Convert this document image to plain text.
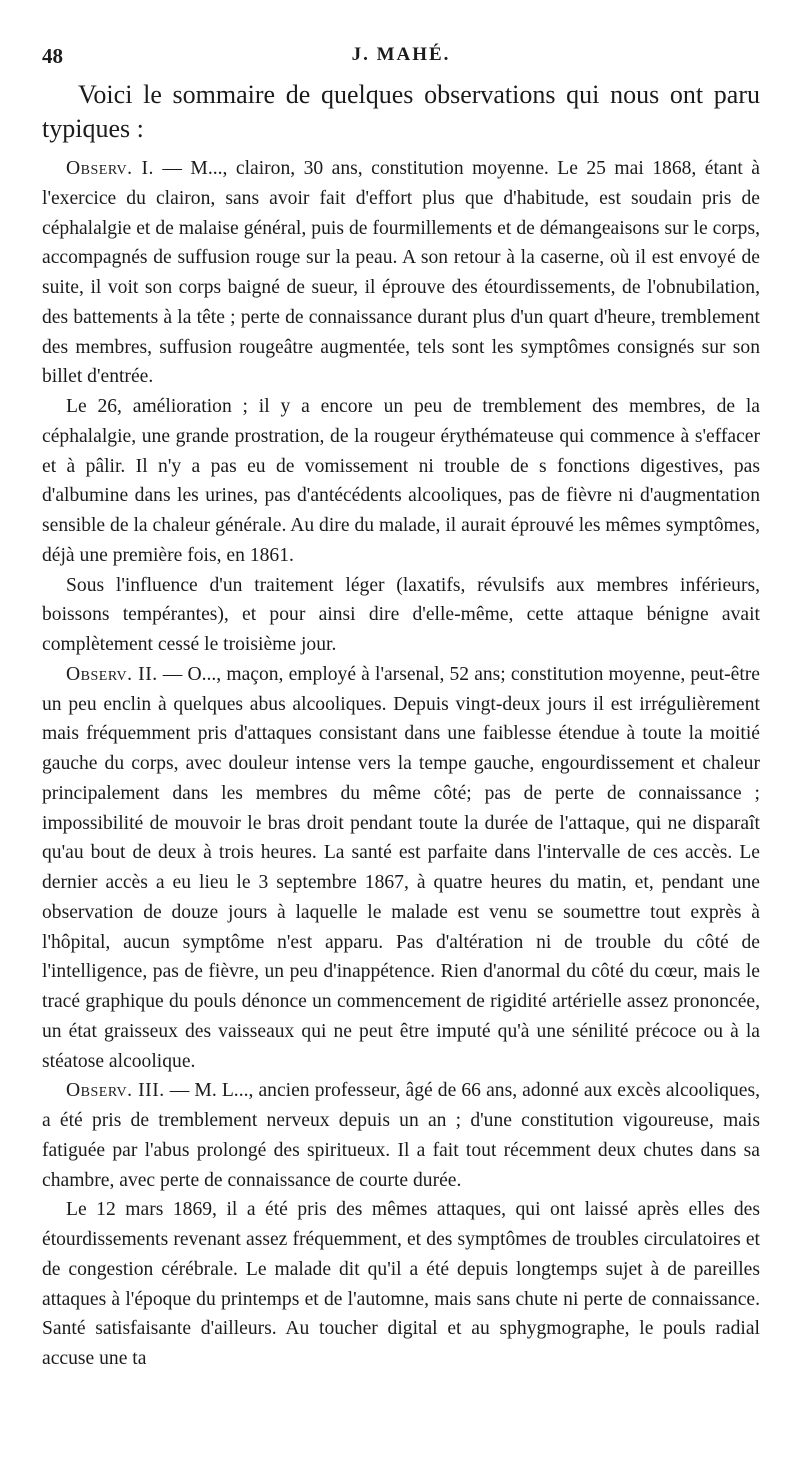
48	J. MAHÉ.

Voici le sommaire de quelques observations qui nous ont paru typiques :

Observ. I. — M..., clairon, 30 ans, constitution moyenne. Le 25 mai 1868, étant à l'exercice du clairon, sans avoir fait d'effort plus que d'habitude, est soudain pris de céphalalgie et de malaise général, puis de fourmillements et de démangeaisons sur le corps, accompagnés de suffusion rouge sur la peau. A son retour à la caserne, où il est envoyé de suite, il voit son corps baigné de sueur, il éprouve des étourdissements, de l'obnubilation, des battements à la tête ; perte de connaissance durant plus d'un quart d'heure, tremblement des membres, suffusion rougeâtre augmentée, tels sont les symptômes consignés sur son billet d'entrée.

Le 26, amélioration ; il y a encore un peu de tremblement des membres, de la céphalalgie, une grande prostration, de la rougeur érythémateuse qui commence à s'effacer et à pâlir. Il n'y a pas eu de vomissement ni trouble de s fonctions digestives, pas d'albumine dans les urines, pas d'antécédents alcooliques, pas de fièvre ni d'augmentation sensible de la chaleur générale. Au dire du malade, il aurait éprouvé les mêmes symptômes, déjà une première fois, en 1861.

Sous l'influence d'un traitement léger (laxatifs, révulsifs aux membres inférieurs, boissons tempérantes), et pour ainsi dire d'elle-même, cette attaque bénigne avait complètement cessé le troisième jour.

Observ. II. — O..., maçon, employé à l'arsenal, 52 ans; constitution moyenne, peut-être un peu enclin à quelques abus alcooliques. Depuis vingt-deux jours il est irrégulièrement mais fréquemment pris d'attaques consistant dans une faiblesse étendue à toute la moitié gauche du corps, avec douleur intense vers la tempe gauche, engourdissement et chaleur principalement dans les membres du même côté; pas de perte de connaissance ; impossibilité de mouvoir le bras droit pendant toute la durée de l'attaque, qui ne disparaît qu'au bout de deux à trois heures. La santé est parfaite dans l'intervalle de ces accès. Le dernier accès a eu lieu le 3 septembre 1867, à quatre heures du matin, et, pendant une observation de douze jours à laquelle le malade est venu se soumettre tout exprès à l'hôpital, aucun symptôme n'est apparu. Pas d'altération ni de trouble du côté de l'intelligence, pas de fièvre, un peu d'inappétence. Rien d'anormal du côté du cœur, mais le tracé graphique du pouls dénonce un commencement de rigidité artérielle assez prononcée, un état graisseux des vaisseaux qui ne peut être imputé qu'à une sénilité précoce ou à la stéatose alcoolique.

Observ. III. — M. L..., ancien professeur, âgé de 66 ans, adonné aux excès alcooliques, a été pris de tremblement nerveux depuis un an ; d'une constitution vigoureuse, mais fatiguée par l'abus prolongé des spiritueux. Il a fait tout récemment deux chutes dans sa chambre, avec perte de connaissance de courte durée.

Le 12 mars 1869, il a été pris des mêmes attaques, qui ont laissé après elles des étourdissements revenant assez fréquemment, et des symptômes de troubles circulatoires et de congestion cérébrale. Le malade dit qu'il a été depuis longtemps sujet à de pareilles attaques à l'époque du printemps et de l'automne, mais sans chute ni perte de connaissance. Santé satisfaisante d'ailleurs. Au toucher digital et au sphygmographe, le pouls radial accuse une ta
